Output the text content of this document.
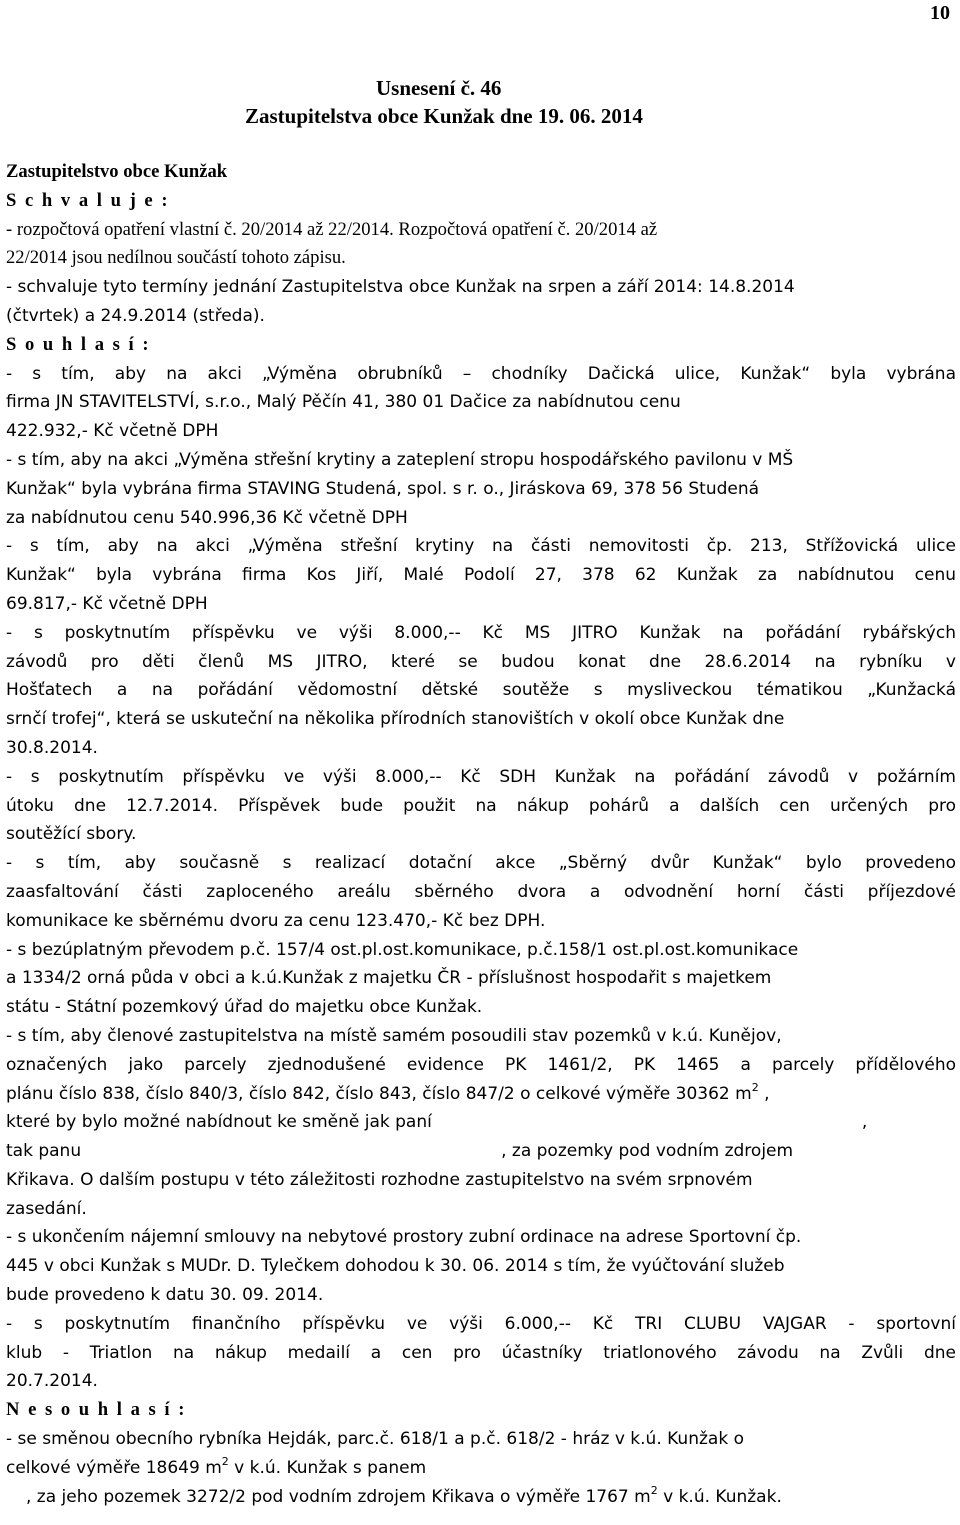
10
Usnesení č. 46
Zastupitelstva obce Kunžak dne 19. 06. 2014
Zastupitelstvo obce Kunžak
S c h v a l u j e :
- rozpočtová opatření vlastní č. 20/2014 až 22/2014. Rozpočtová opatření č. 20/2014 až
22/2014 jsou nedílnou součástí tohoto zápisu.
- schvaluje tyto termíny jednání Zastupitelstva obce Kunžak na srpen a září 2014: 14.8.2014
(čtvrtek) a 24.9.2014 (středa).
S o u h l a s í :
- s tím, aby na akci „Výměna obrubníků – chodníky Dačická ulice, Kunžak“ byla vybrána
firma JN STAVITELSTVÍ, s.r.o., Malý Pěčín 41, 380 01 Dačice za nabídnutou cenu
422.932,- Kč včetně DPH
- s tím, aby na akci „Výměna střešní krytiny a zateplení stropu hospodářského pavilonu v MŠ
Kunžak“ byla vybrána firma STAVING Studená, spol. s r. o., Jiráskova 69, 378 56 Studená
za nabídnutou cenu 540.996,36 Kč včetně DPH
- s tím, aby na akci „Výměna střešní krytiny na části nemovitosti čp. 213, Střížovická ulice
Kunžak“ byla vybrána firma Kos Jiří, Malé Podolí 27, 378 62 Kunžak za nabídnutou cenu
69.817,- Kč včetně DPH
- s poskytnutím příspěvku ve výši 8.000,-- Kč MS JITRO Kunžak na pořádání rybářských
závodů pro děti členů MS JITRO, které se budou konat dne 28.6.2014 na rybníku v
Hošťatech a na pořádání vědomostní dětské soutěže s mysliveckou tématikou „Kunžacká
srnčí trofej“, která se uskuteční na několika přírodních stanovištích v okolí obce Kunžak dne
30.8.2014.
- s poskytnutím příspěvku ve výši 8.000,-- Kč SDH Kunžak na pořádání závodů v požárním
útoku dne 12.7.2014. Příspěvek bude použit na nákup pohárů a dalších cen určených pro
soutěžící sbory.
- s tím, aby současně s realizací dotační akce „Sběrný dvůr Kunžak“ bylo provedeno
zaasfaltování části zaploceného areálu sběrného dvora a odvodnění horní části příjezdové
komunikace ke sběrnému dvoru za cenu 123.470,- Kč bez DPH.
- s bezúplatným převodem p.č. 157/4 ost.pl.ost.komunikace, p.č.158/1 ost.pl.ost.komunikace
a 1334/2 orná půda v obci a k.ú.Kunžak z majetku ČR - příslušnost hospodařit s majetkem
státu - Státní pozemkový úřad do majetku obce Kunžak.
- s tím, aby členové zastupitelstva na místě samém posoudili stav pozemků v k.ú. Kunějov,
označených jako parcely zjednodušené evidence PK 1461/2, PK 1465 a parcely přídělového
plánu číslo 838, číslo 840/3, číslo 842, číslo 843, číslo 847/2 o celkové výměře 30362 $m^2$ ,
které by bylo možné nabídnout ke směně jak paní	,
tak panu	, za pozemky pod vodním zdrojem
Křikava. O dalším postupu v této záležitosti rozhodne zastupitelstvo na svém srpnovém
zasedání.
- s ukončením nájemní smlouvy na nebytové prostory zubní ordinace na adrese Sportovní čp.
445 v obci Kunžak s MUDr. D. Tylečkem dohodou k 30. 06. 2014 s tím, že vyúčtování služeb
bude provedeno k datu 30. 09. 2014.
- s poskytnutím finančního příspěvku ve výši 6.000,-- Kč TRI CLUBU VAJGAR - sportovní
klub - Triatlon na nákup medailí a cen pro účastníky triatlonového závodu na Zvůli dne
20.7.2014.
N e s o u h l a s í :
- se směnou obecního rybníka Hejdák, parc.č. 618/1 a p.č. 618/2 - hráz v k.ú. Kunžak o
celkové výměře 18649 $m^2$ v k.ú. Kunžak s panem
, za jeho pozemek 3272/2 pod vodním zdrojem Křikava o výměře 1767 $m^2$ v k.ú. Kunžak.
